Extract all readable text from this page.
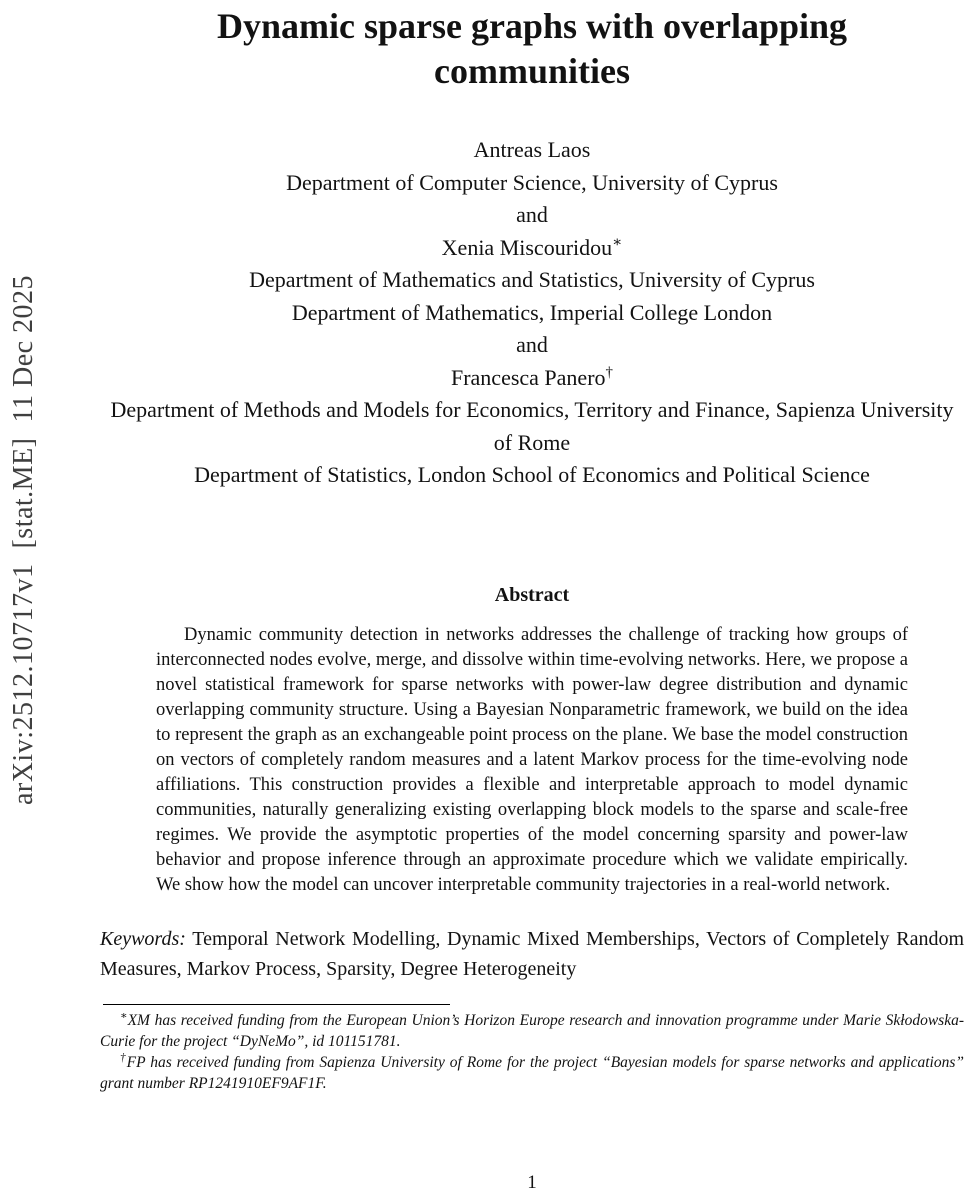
arXiv:2512.10717v1  [stat.ME]  11 Dec 2025
Dynamic sparse graphs with overlapping communities
Antreas Laos
Department of Computer Science, University of Cyprus
and
Xenia Miscouridou∗
Department of Mathematics and Statistics, University of Cyprus
Department of Mathematics, Imperial College London
and
Francesca Panero†
Department of Methods and Models for Economics, Territory and Finance, Sapienza University of Rome
Department of Statistics, London School of Economics and Political Science
Abstract

Dynamic community detection in networks addresses the challenge of tracking how groups of interconnected nodes evolve, merge, and dissolve within time-evolving networks. Here, we propose a novel statistical framework for sparse networks with power-law degree distribution and dynamic overlapping community structure. Using a Bayesian Nonparametric framework, we build on the idea to represent the graph as an exchangeable point process on the plane. We base the model construction on vectors of completely random measures and a latent Markov process for the time-evolving node affiliations. This construction provides a flexible and interpretable approach to model dynamic communities, naturally generalizing existing overlapping block models to the sparse and scale-free regimes. We provide the asymptotic properties of the model concerning sparsity and power-law behavior and propose inference through an approximate procedure which we validate empirically. We show how the model can uncover interpretable community trajectories in a real-world network.

Keywords: Temporal Network Modelling, Dynamic Mixed Memberships, Vectors of Completely Random Measures, Markov Process, Sparsity, Degree Heterogeneity

∗XM has received funding from the European Union’s Horizon Europe research and innovation programme under Marie Skłodowska-Curie for the project “DyNeMo”, id 101151781.

†FP has received funding from Sapienza University of Rome for the project “Bayesian models for sparse networks and applications” grant number RP1241910EF9AF1F.

1
